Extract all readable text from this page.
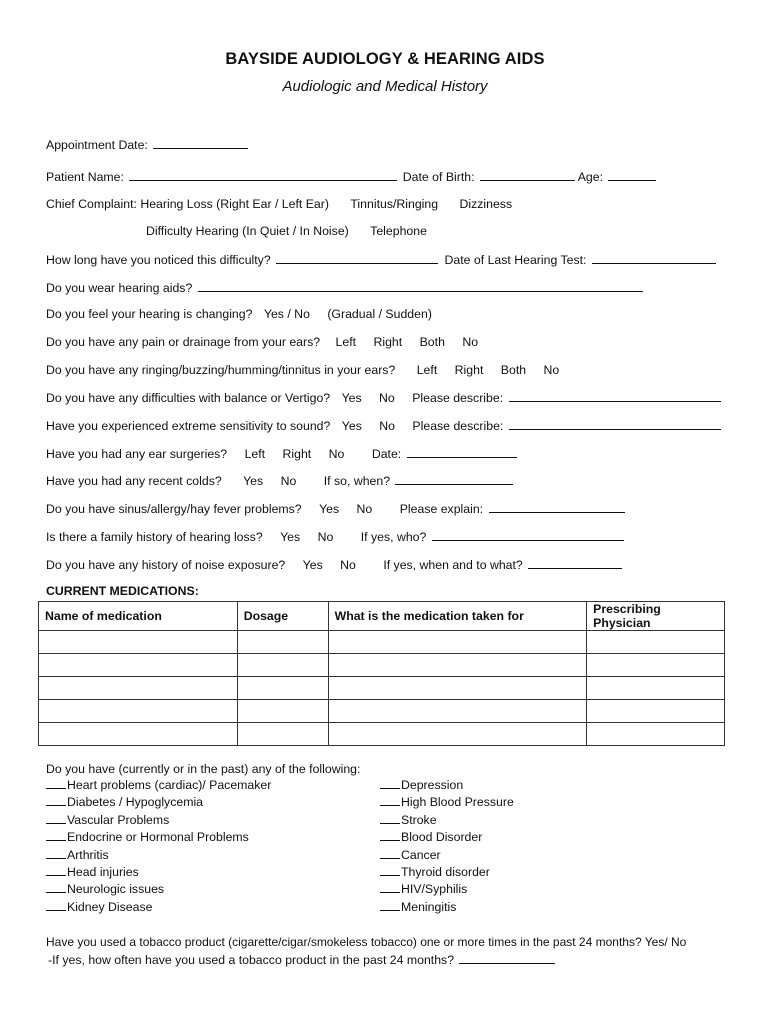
BAYSIDE AUDIOLOGY & HEARING AIDS
Audiologic and Medical History
Appointment Date:
Patient Name:	Date of Birth:	Age:
Chief Complaint: Hearing Loss (Right Ear / Left Ear) Tinnitus/Ringing Dizziness
Difficulty Hearing (In Quiet / In Noise) Telephone
How long have you noticed this difficulty?	Date of Last Hearing Test:
Do you wear hearing aids?
Do you feel your hearing is changing? Yes / No (Gradual / Sudden)
Do you have any pain or drainage from your ears? Left Right Both No
Do you have any ringing/buzzing/humming/tinnitus in your ears? Left Right Both No
Do you have any difficulties with balance or Vertigo? Yes No Please describe:
Have you experienced extreme sensitivity to sound? Yes No Please describe:
Have you had any ear surgeries? Left Right No Date:
Have you had any recent colds? Yes No If so, when?
Do you have sinus/allergy/hay fever problems? Yes No Please explain:
Is there a family history of hearing loss? Yes No If yes, who?
Do you have any history of noise exposure? Yes No If yes, when and to what?
CURRENT MEDICATIONS:
Name of medication	Dosage	What is the medication taken for	Prescribing Physician

Do you have (currently or in the past) any of the following:
Heart problems (cardiac)/ Pacemaker
Diabetes / Hypoglycemia
Vascular Problems
Endocrine or Hormonal Problems
Arthritis
Head injuries
Neurologic issues
Kidney Disease
Depression
High Blood Pressure
Stroke
Blood Disorder
Cancer
Thyroid disorder
HIV/Syphilis
Meningitis
Have you used a tobacco product (cigarette/cigar/smokeless tobacco) one or more times in the past 24 months? Yes/ No
-If yes, how often have you used a tobacco product in the past 24 months?
